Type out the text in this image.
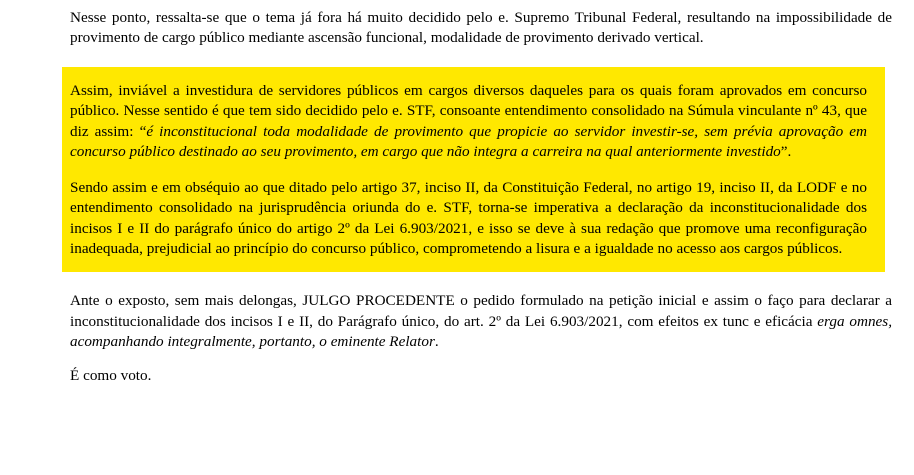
Nesse ponto, ressalta-se que o tema já fora há muito decidido pelo e. Supremo Tribunal Federal, resultando na impossibilidade de provimento de cargo público mediante ascensão funcional, modalidade de provimento derivado vertical.

Assim, inviável a investidura de servidores públicos em cargos diversos daqueles para os quais foram aprovados em concurso público. Nesse sentido é que tem sido decidido pelo e. STF, consoante entendimento consolidado na Súmula vinculante nº 43, que diz assim: “é inconstitucional toda modalidade de provimento que propicie ao servidor investir-se, sem prévia aprovação em concurso público destinado ao seu provimento, em cargo que não integra a carreira na qual anteriormente investido”.

Sendo assim e em obséquio ao que ditado pelo artigo 37, inciso II, da Constituição Federal, no artigo 19, inciso II, da LODF e no entendimento consolidado na jurisprudência oriunda do e. STF, torna-se imperativa a declaração da inconstitucionalidade dos incisos I e II do parágrafo único do artigo 2º da Lei 6.903/2021, e isso se deve à sua redação que promove uma reconfiguração inadequada, prejudicial ao princípio do concurso público, comprometendo a lisura e a igualdade no acesso aos cargos públicos.

Ante o exposto, sem mais delongas, JULGO PROCEDENTE o pedido formulado na petição inicial e assim o faço para declarar a inconstitucionalidade dos incisos I e II, do Parágrafo único, do art. 2º da Lei 6.903/2021, com efeitos ex tunc e eficácia erga omnes, acompanhando integralmente, portanto, o eminente Relator.

É como voto.
